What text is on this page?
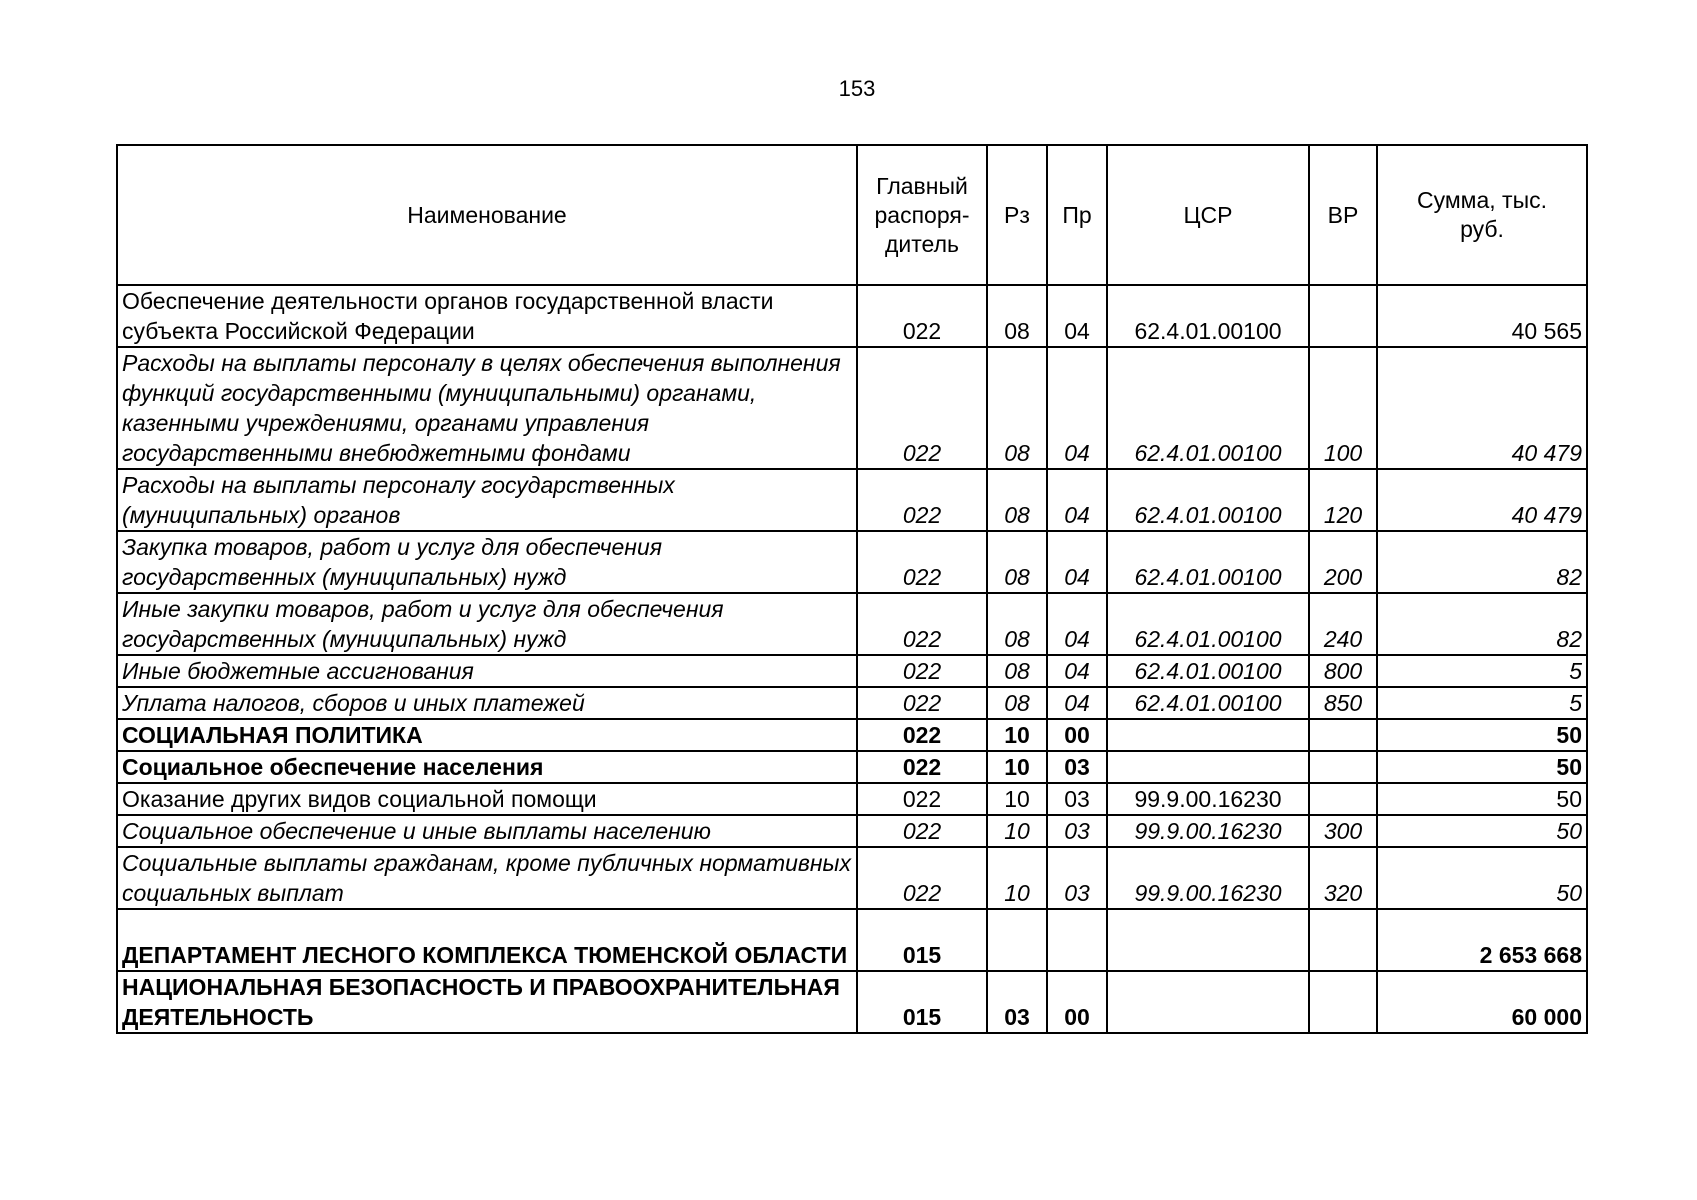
153
Наименование	Главный распоря-дитель	Рз	Пр	ЦСР	ВР	Сумма, тыс. руб.
Обеспечение деятельности органов государственной власти субъекта Российской Федерации	022	08	04	62.4.01.00100		40 565
Расходы на выплаты персоналу в целях обеспечения выполнения функций государственными (муниципальными) органами, казенными учреждениями, органами управления государственными внебюджетными фондами	022	08	04	62.4.01.00100	100	40 479
Расходы на выплаты персоналу государственных (муниципальных) органов	022	08	04	62.4.01.00100	120	40 479
Закупка товаров, работ и услуг для обеспечения государственных (муниципальных) нужд	022	08	04	62.4.01.00100	200	82
Иные закупки товаров, работ и услуг для обеспечения государственных (муниципальных) нужд	022	08	04	62.4.01.00100	240	82
Иные бюджетные ассигнования	022	08	04	62.4.01.00100	800	5
Уплата налогов, сборов и иных платежей	022	08	04	62.4.01.00100	850	5
СОЦИАЛЬНАЯ ПОЛИТИКА	022	10	00			50
Социальное обеспечение населения	022	10	03			50
Оказание других видов социальной помощи	022	10	03	99.9.00.16230		50
Социальное обеспечение и иные выплаты населению	022	10	03	99.9.00.16230	300	50
Социальные выплаты гражданам, кроме публичных нормативных социальных выплат	022	10	03	99.9.00.16230	320	50
ДЕПАРТАМЕНТ ЛЕСНОГО КОМПЛЕКСА ТЮМЕНСКОЙ ОБЛАСТИ	015					2 653 668
НАЦИОНАЛЬНАЯ БЕЗОПАСНОСТЬ И ПРАВООХРАНИТЕЛЬНАЯ ДЕЯТЕЛЬНОСТЬ	015	03	00			60 000
